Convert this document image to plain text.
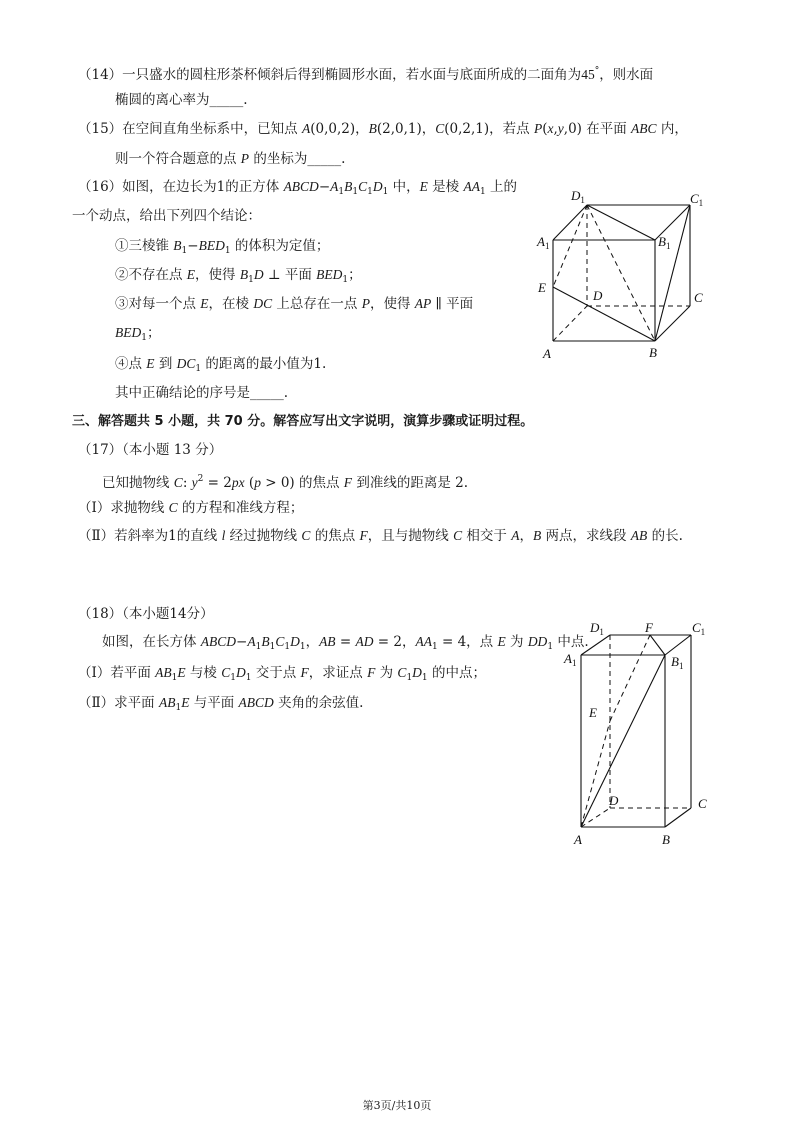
（14）一只盛水的圆柱形茶杯倾斜后得到椭圆形水面，若水面与底面所成的二面角为45°，则水面
椭圆的离心率为_____.
（15）在空间直角坐标系中，已知点 A(0,0,2)，B(2,0,1)，C(0,2,1)，若点 P(x,y,0) 在平面 ABC 内，
则一个符合题意的点 P 的坐标为_____.
（16）如图，在边长为1的正方体 $ABCD-A_1B_1C_1D_1$ 中，E 是棱 $AA_1$ 上的
一个动点，给出下列四个结论：
①三棱锥 $B_1-BED_1$ 的体积为定值；
②不存在点 E，使得 $B_1D$ ⊥ 平面 $BED_1$；
③对每一个点 E，在棱 DC 上总存在一点 P，使得 AP ∥ 平面
$BED_1$；
④点 E 到 $DC_1$ 的距离的最小值为1.
其中正确结论的序号是_____.
$D_1$	$C_1$
$A_1$	$B_1$
E
D	C
A	B
三、解答题共 5 小题，共 70 分。解答应写出文字说明，演算步骤或证明过程。
（17）（本小题 13 分）
已知抛物线 C: $y^2 = 2px$ (p > 0) 的焦点 F 到准线的距离是 2.
（Ⅰ）求抛物线 C 的方程和准线方程；
（Ⅱ）若斜率为1的直线 l 经过抛物线 C 的焦点 F，且与抛物线 C 相交于 A，B 两点，求线段 AB 的长.
（18）（本小题14分）
如图，在长方体 $ABCD-A_1B_1C_1D_1$，AB = AD = 2，$AA_1 = 4$，点 E 为 $DD_1$ 中点.
（Ⅰ）若平面 $AB_1E$ 与棱 $C_1D_1$ 交于点 F，求证点 F 为 $C_1D_1$ 的中点；
（Ⅱ）求平面 $AB_1E$ 与平面 ABCD 夹角的余弦值.
$D_1$	F	$C_1$
$A_1$	$B_1$
E
D	C
A	B
第3页/共10页
